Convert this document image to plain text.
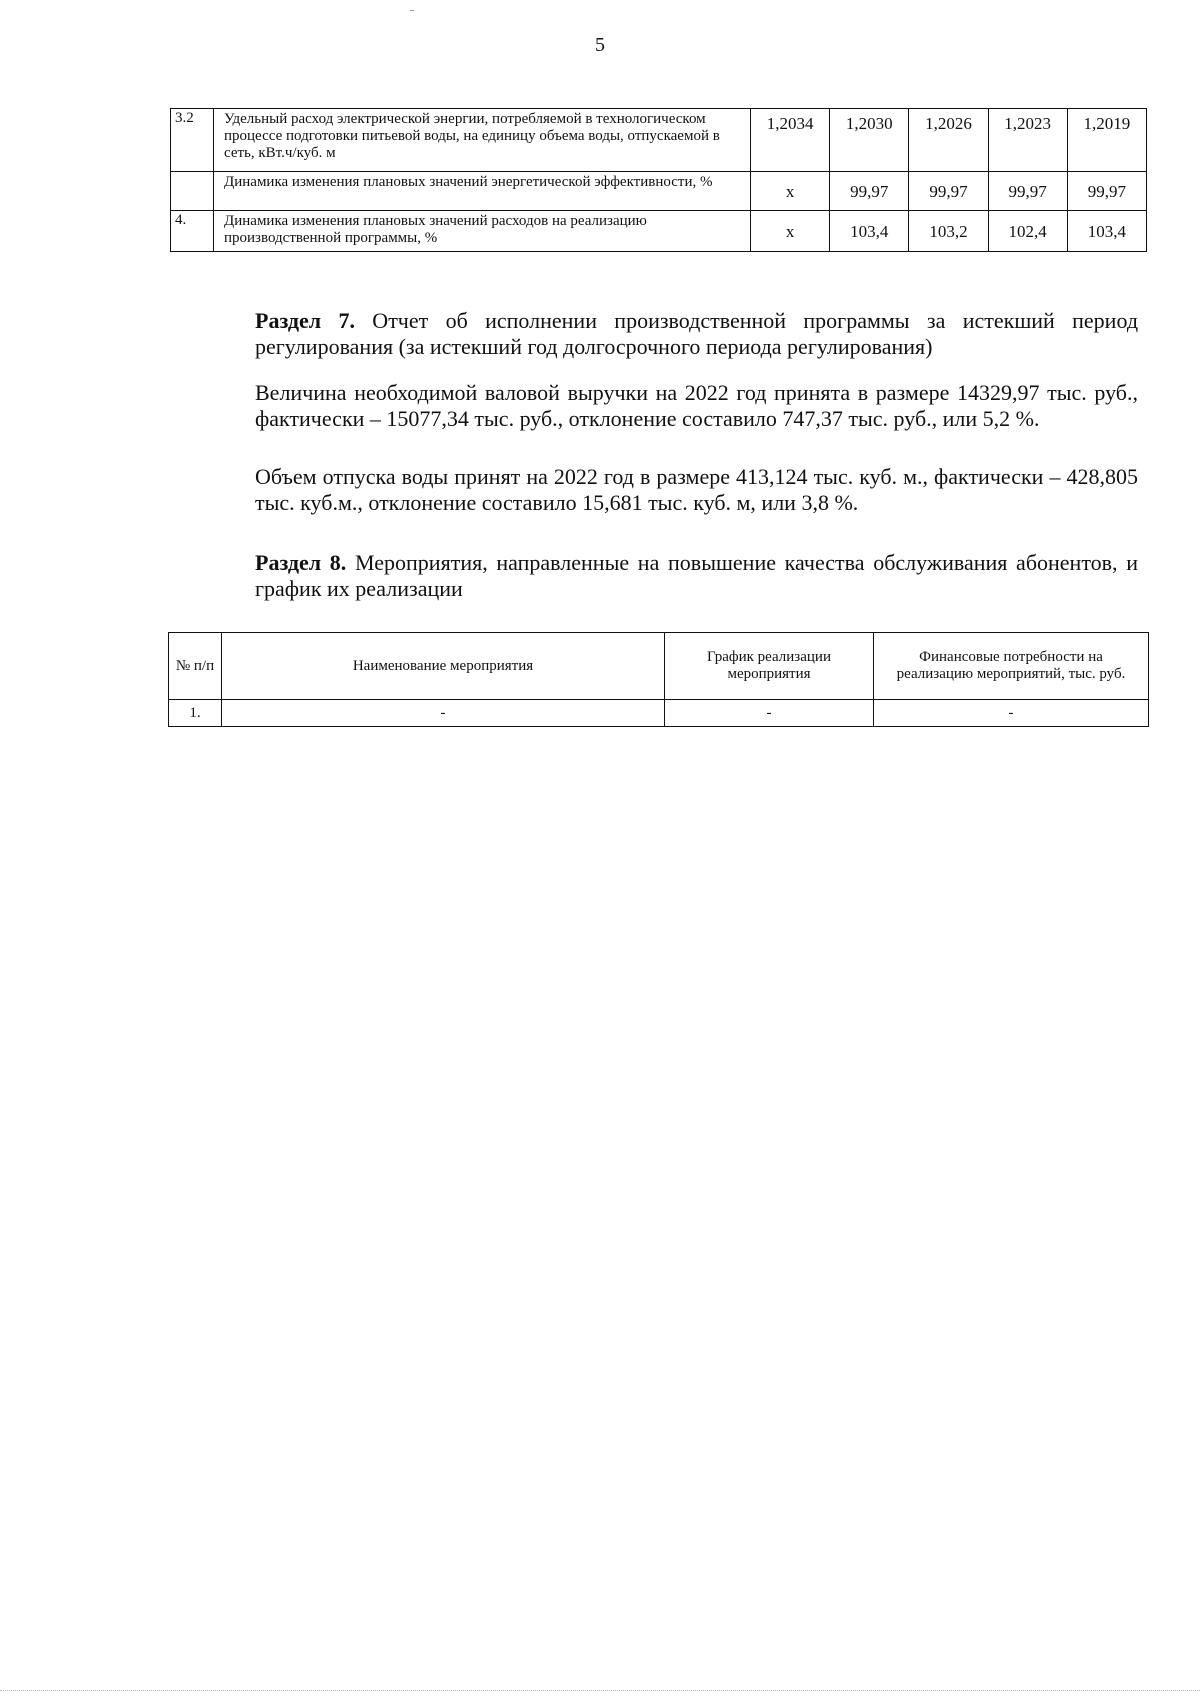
5
3.2	Удельный расход электрической энергии, потребляемой в технологическом процессе подготовки питьевой воды, на единицу объема воды, отпускаемой в сеть, кВт.ч/куб. м	1,2034	1,2030	1,2026	1,2023	1,2019
	Динамика изменения плановых значений энергетической эффективности, %	х	99,97	99,97	99,97	99,97
4.	Динамика изменения плановых значений расходов на реализацию производственной программы, %	х	103,4	103,2	102,4	103,4
Раздел 7. Отчет об исполнении производственной программы за истекший период регулирования (за истекший год долгосрочного периода регулирования)
Величина необходимой валовой выручки на 2022 год принята в размере 14329,97 тыс. руб., фактически – 15077,34 тыс. руб., отклонение составило 747,37 тыс. руб., или 5,2 %.
Объем отпуска воды принят на 2022 год в размере 413,124 тыс. куб. м., фактически – 428,805 тыс. куб.м., отклонение составило 15,681 тыс. куб. м, или 3,8 %.
Раздел 8. Мероприятия, направленные на повышение качества обслуживания абонентов, и график их реализации
№ п/п	Наименование мероприятия	График реализации мероприятия	Финансовые потребности на реализацию мероприятий, тыс. руб.
1.	-	-	-
